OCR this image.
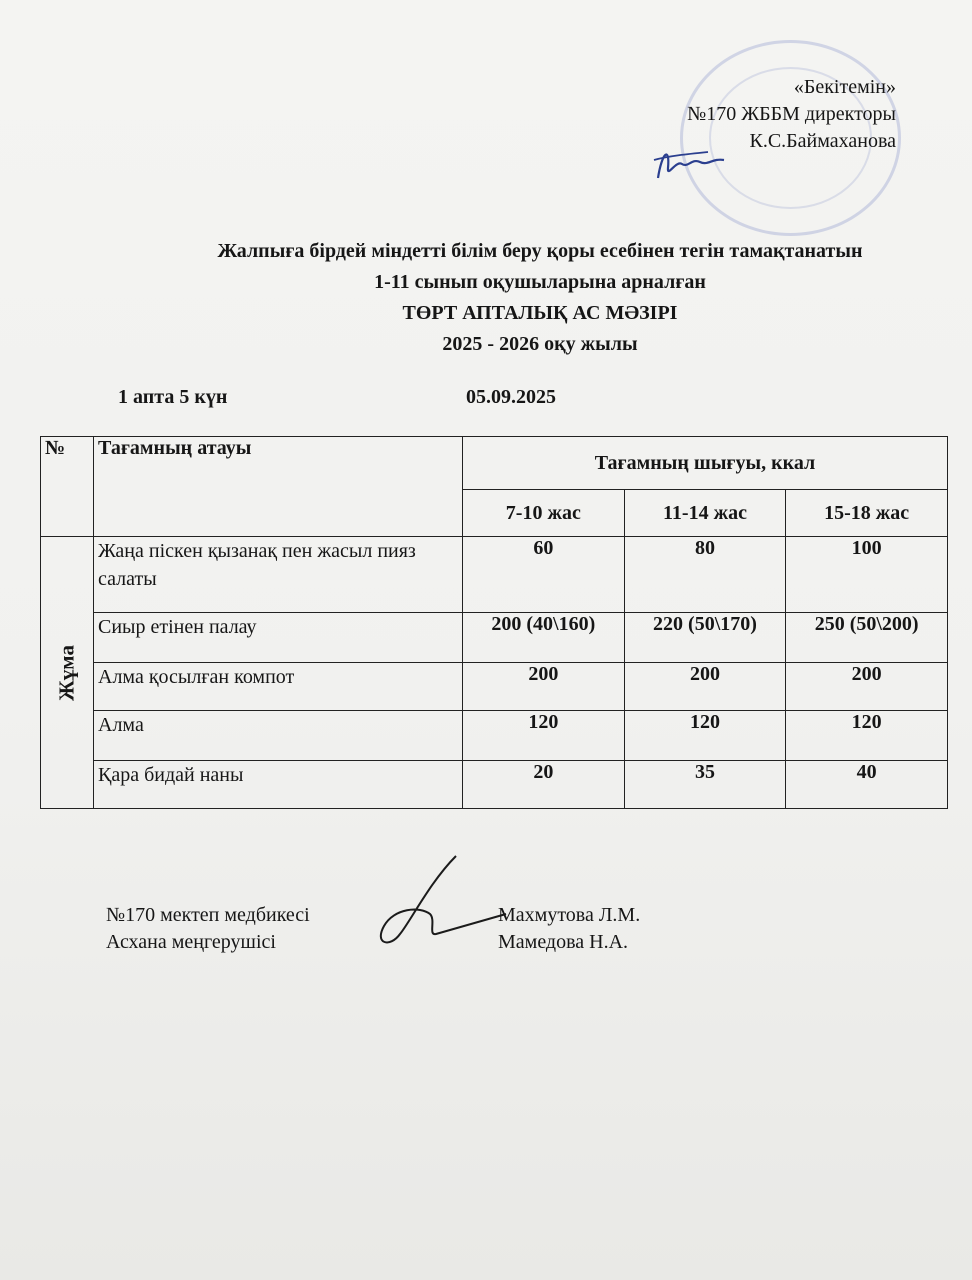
«Бекітемін»
№170 ЖББМ директоры
К.С.Баймаханова
Жалпыға бірдей міндетті білім беру қоры есебінен тегін тамақтанатын
1-11 сынып оқушыларына арналған
ТӨРТ АПТАЛЫҚ АС МӘЗІРІ
2025 - 2026 оқу жылы
1 апта 5 күн	05.09.2025
№	Тағамның атауы	Тағамның шығуы, ккал		
		7-10 жас	11-14 жас	15-18 жас

Жұма	Жаңа піскен қызанақ пен жасыл пияз салаты	60	80	100
	Сиыр етінен палау	200 (40\160)	220 (50\170)	250 (50\200)
	Алма қосылған компот	200	200	200
	Алма	120	120	120
	Қара бидай наны	20	35	40
№170 мектеп медбикесі
Асхана меңгерушісі
Махмутова Л.М.
Мамедова Н.А.
